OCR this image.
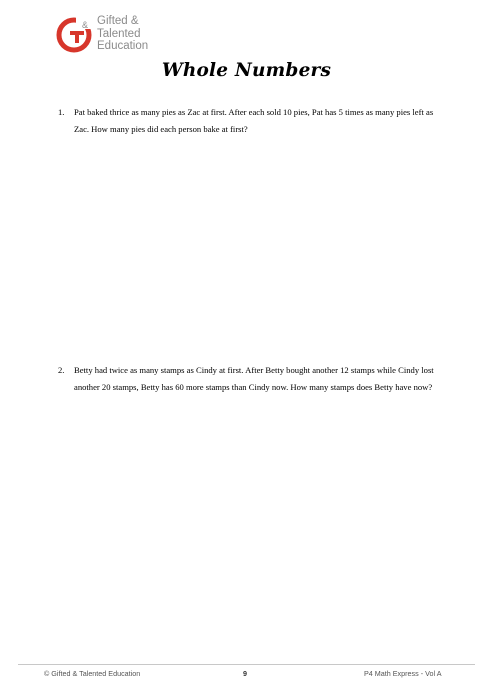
& Gifted &
Talented
Education
Whole Numbers
1. Pat baked thrice as many pies as Zac at first. After each sold 10 pies, Pat has 5 times as many pies left as Zac. How many pies did each person bake at first?
2. Betty had twice as many stamps as Cindy at first. After Betty bought another 12 stamps while Cindy lost another 20 stamps, Betty has 60 more stamps than Cindy now. How many stamps does Betty have now?
© Gifted & Talented Education	9	P4 Math Express - Vol A
